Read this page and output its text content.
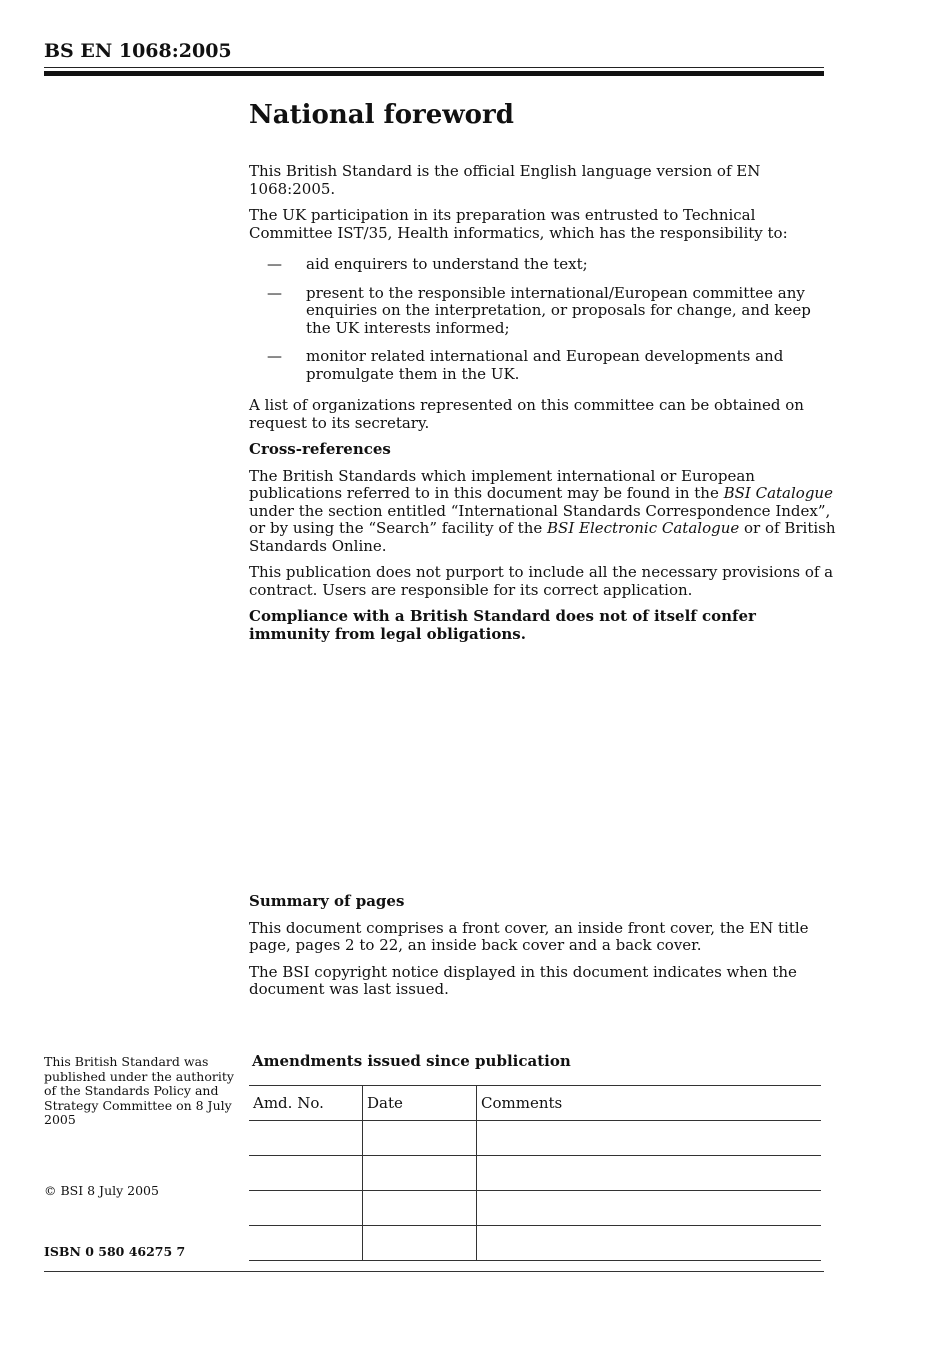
BS EN 1068:2005
National foreword

This British Standard is the official English language version of EN 1068:2005.

The UK participation in its preparation was entrusted to Technical Committee IST/35, Health informatics, which has the responsibility to:

— aid enquirers to understand the text;
— present to the responsible international/European committee any enquiries on the interpretation, or proposals for change, and keep the UK interests informed;
— monitor related international and European developments and promulgate them in the UK.

A list of organizations represented on this committee can be obtained on request to its secretary.

Cross-references

The British Standards which implement international or European publications referred to in this document may be found in the BSI Catalogue under the section entitled “International Standards Correspondence Index”, or by using the “Search” facility of the BSI Electronic Catalogue or of British Standards Online.

This publication does not purport to include all the necessary provisions of a contract. Users are responsible for its correct application.

Compliance with a British Standard does not of itself confer immunity from legal obligations.

Summary of pages

This document comprises a front cover, an inside front cover, the EN title page, pages 2 to 22, an inside back cover and a back cover.

The BSI copyright notice displayed in this document indicates when the document was last issued.

This British Standard was published under the authority of the Standards Policy and Strategy Committee on 8 July 2005
© BSI 8 July 2005
ISBN 0 580 46275 7
Amendments issued since publication
Amd. No.	Date	Comments
